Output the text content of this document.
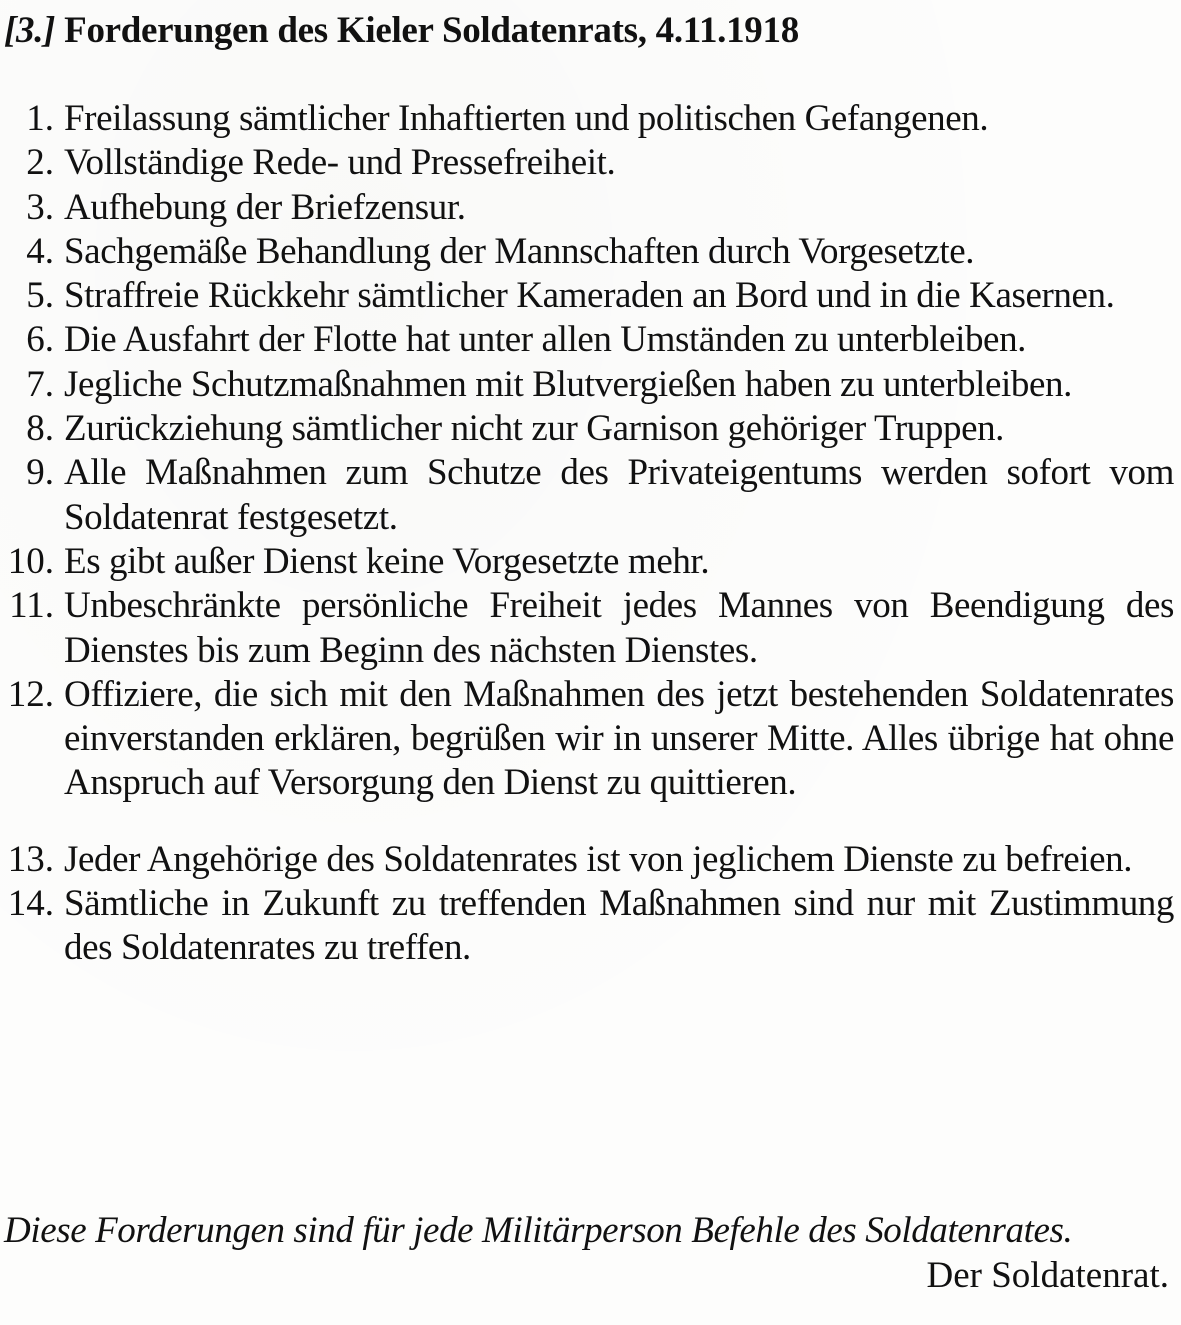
[3.] Forderungen des Kieler Soldatenrats, 4.11.1918
1. Freilassung sämtlicher Inhaftierten und politischen Gefangenen.
2. Vollständige Rede- und Pressefreiheit.
3. Aufhebung der Briefzensur.
4. Sachgemäße Behandlung der Mannschaften durch Vorgesetzte.
5. Straffreie Rückkehr sämtlicher Kameraden an Bord und in die Kasernen.
6. Die Ausfahrt der Flotte hat unter allen Umständen zu unterbleiben.
7. Jegliche Schutzmaßnahmen mit Blutvergießen haben zu unterbleiben.
8. Zurückziehung sämtlicher nicht zur Garnison gehöriger Truppen.
9. Alle Maßnahmen zum Schutze des Privateigentums werden sofort vom Soldatenrat festgesetzt.
10. Es gibt außer Dienst keine Vorgesetzte mehr.
11. Unbeschränkte persönliche Freiheit jedes Mannes von Beendigung des Dienstes bis zum Beginn des nächsten Dienstes.
12. Offiziere, die sich mit den Maßnahmen des jetzt bestehenden Soldatenrates einverstanden erklären, begrüßen wir in unserer Mitte. Alles übrige hat ohne Anspruch auf Versorgung den Dienst zu quittieren.
13. Jeder Angehörige des Soldatenrates ist von jeglichem Dienste zu befreien.
14. Sämtliche in Zukunft zu treffenden Maßnahmen sind nur mit Zustimmung des Soldatenrates zu treffen.
Diese Forderungen sind für jede Militärperson Befehle des Soldatenrates.
Der Soldatenrat.
